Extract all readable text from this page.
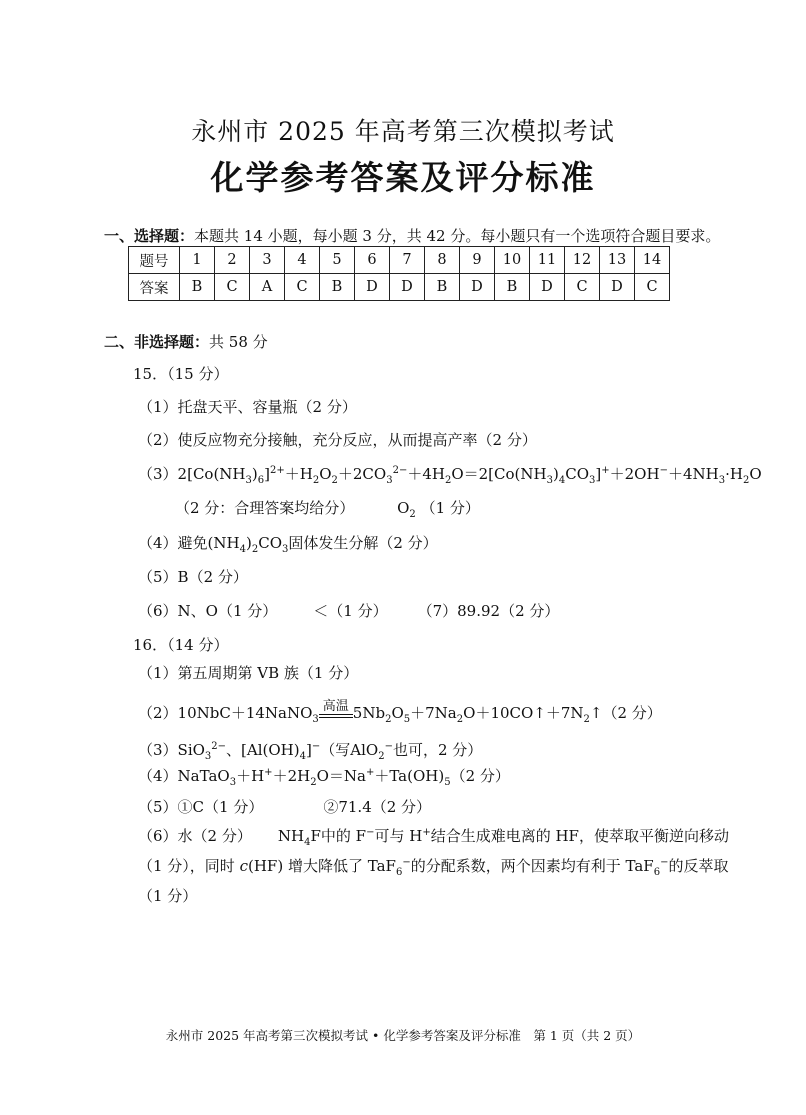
永州市 2025 年高考第三次模拟考试
化学参考答案及评分标准
一、选择题：本题共 14 小题，每小题 3 分，共 42 分。每小题只有一个选项符合题目要求。
题号	1	2	3	4	5	6	7	8	9	10	11	12	13	14
答案	B	C	A	C	B	D	D	B	D	B	D	C	D	C
二、非选择题：共 58 分
15．（15 分）
（1）托盘天平、容量瓶（2 分）
（2）使反应物充分接触，充分反应，从而提高产率（2 分）
$(3)2[Co(NH_3)_6]^{2+}+H_2O_2+2CO_3^{2-}+4H_2O=2[Co(NH_3)_4CO_3]^++2OH^-+4NH_3\cdot H_2O$
（2 分：合理答案均给分）	$O_2$ （1 分）
（4）避免$(NH_4)_2CO_3$固体发生分解（2 分）
（5）B（2 分）
（6）N、O（1 分） ＜（1 分） （7）89.92（2 分）
16．（14 分）
（1）第五周期第 VB 族（1 分）
（2）10NbC＋14NaNO$_3$
高温 $5Nb_2O_5+7Na_2O+10CO↑+7N_2↑(2$ 分）
（3）SiO$_3^{2-}$、$[Al(OH)_4]^-$（写AlO$_2$−也可，2 分）
$(4)NaTaO_3+H^++2H_2O=Na^++Ta(OH)_5(2$ 分）
（5）①C（1 分）	②71.4（2 分）
（6）水（2 分） $NH_4F$中的 F−可与 H+结合生成难电离的 HF，使萃取平衡逆向移动
（1 分），同时 c(HF) 增大降低了 TaF$_6$−的分配系数，两个因素均有利于 TaF$_6$−的反萃取
（1 分）
永州市 2025 年高考第三次模拟考试 • 化学参考答案及评分标准　第 1 页（共 2 页）
